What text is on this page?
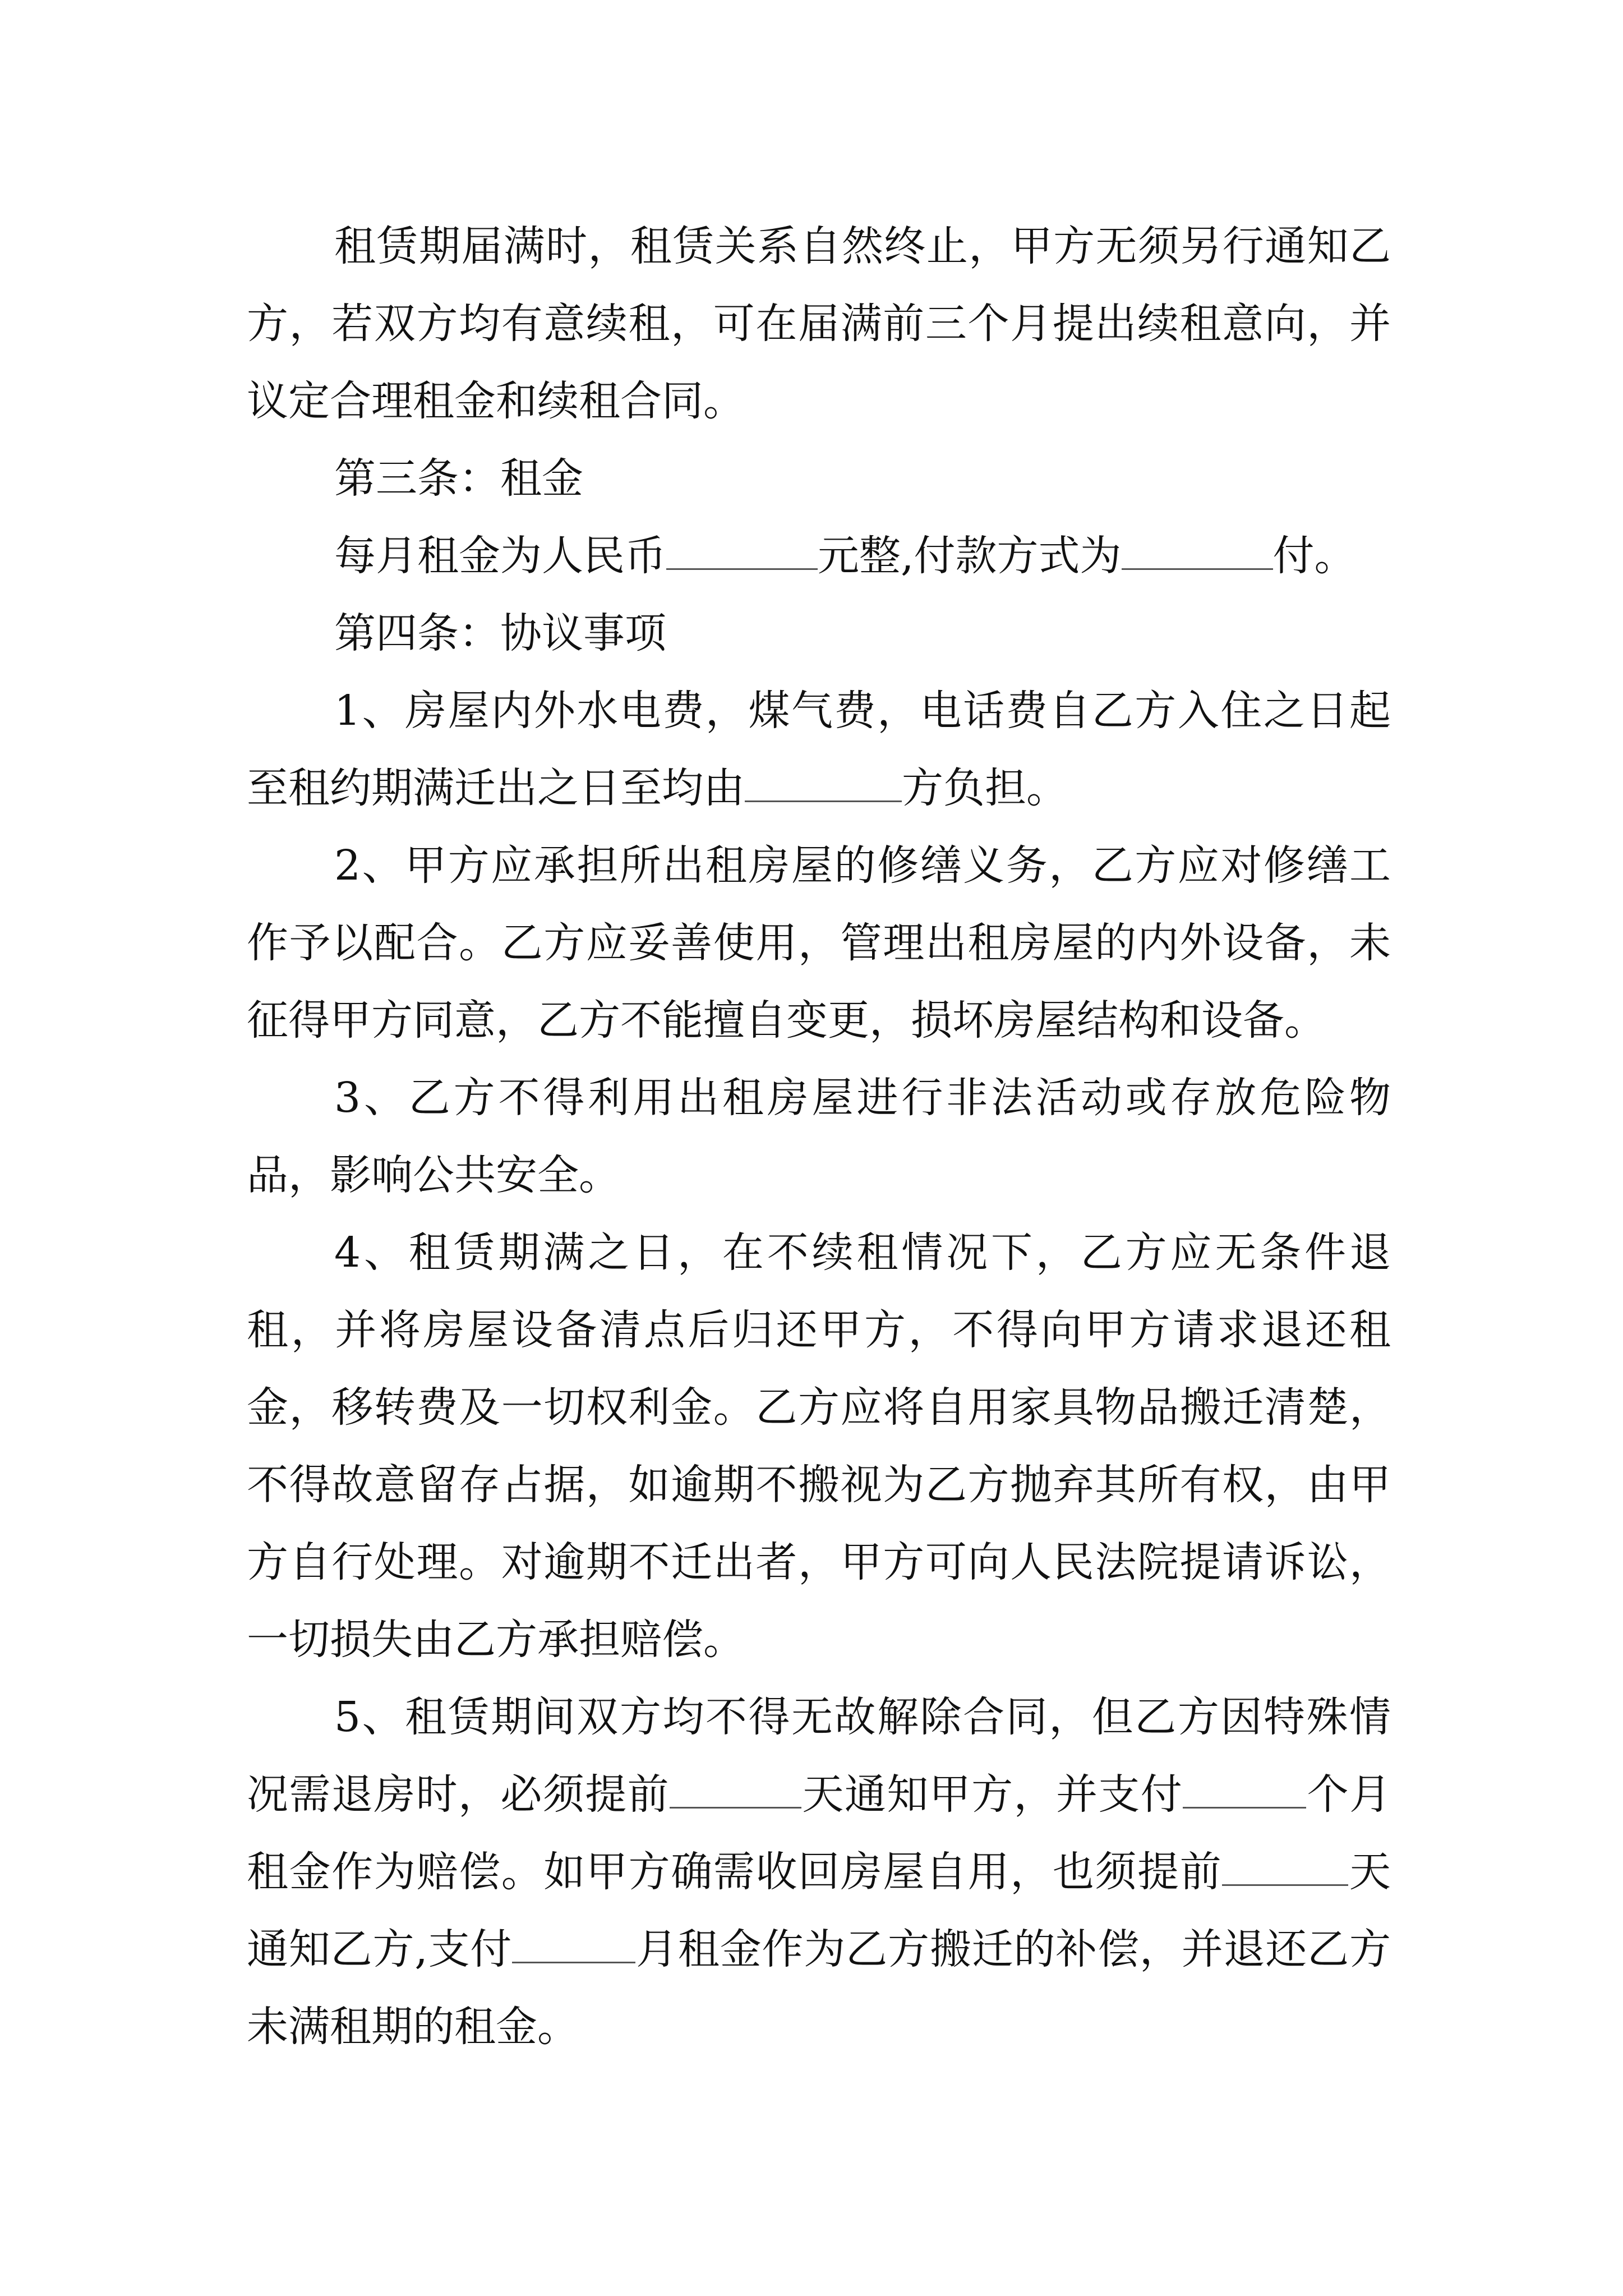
租赁期届满时，租赁关系自然终止，甲方无须另行通知乙方，若双方均有意续租，可在届满前三个月提出续租意向，并议定合理租金和续租合同。

第三条：租金

每月租金为人民币	元整,付款方式为	付。

第四条：协议事项

1、房屋内外水电费，煤气费，电话费自乙方入住之日起至租约期满迁出之日至均由	方负担。

2、甲方应承担所出租房屋的修缮义务，乙方应对修缮工作予以配合。乙方应妥善使用，管理出租房屋的内外设备，未征得甲方同意，乙方不能擅自变更，损坏房屋结构和设备。

3、乙方不得利用出租房屋进行非法活动或存放危险物品，影响公共安全。

4、租赁期满之日，在不续租情况下，乙方应无条件退租，并将房屋设备清点后归还甲方，不得向甲方请求退还租金，移转费及一切权利金。乙方应将自用家具物品搬迁清楚，不得故意留存占据，如逾期不搬视为乙方抛弃其所有权，由甲方自行处理。对逾期不迁出者，甲方可向人民法院提请诉讼，一切损失由乙方承担赔偿。

5、租赁期间双方均不得无故解除合同，但乙方因特殊情况需退房时，必须提前	天通知甲方，并支付	个月租金作为赔偿。如甲方确需收回房屋自用，也须提前	天通知乙方,支付	月租金作为乙方搬迁的补偿，并退还乙方未满租期的租金。
